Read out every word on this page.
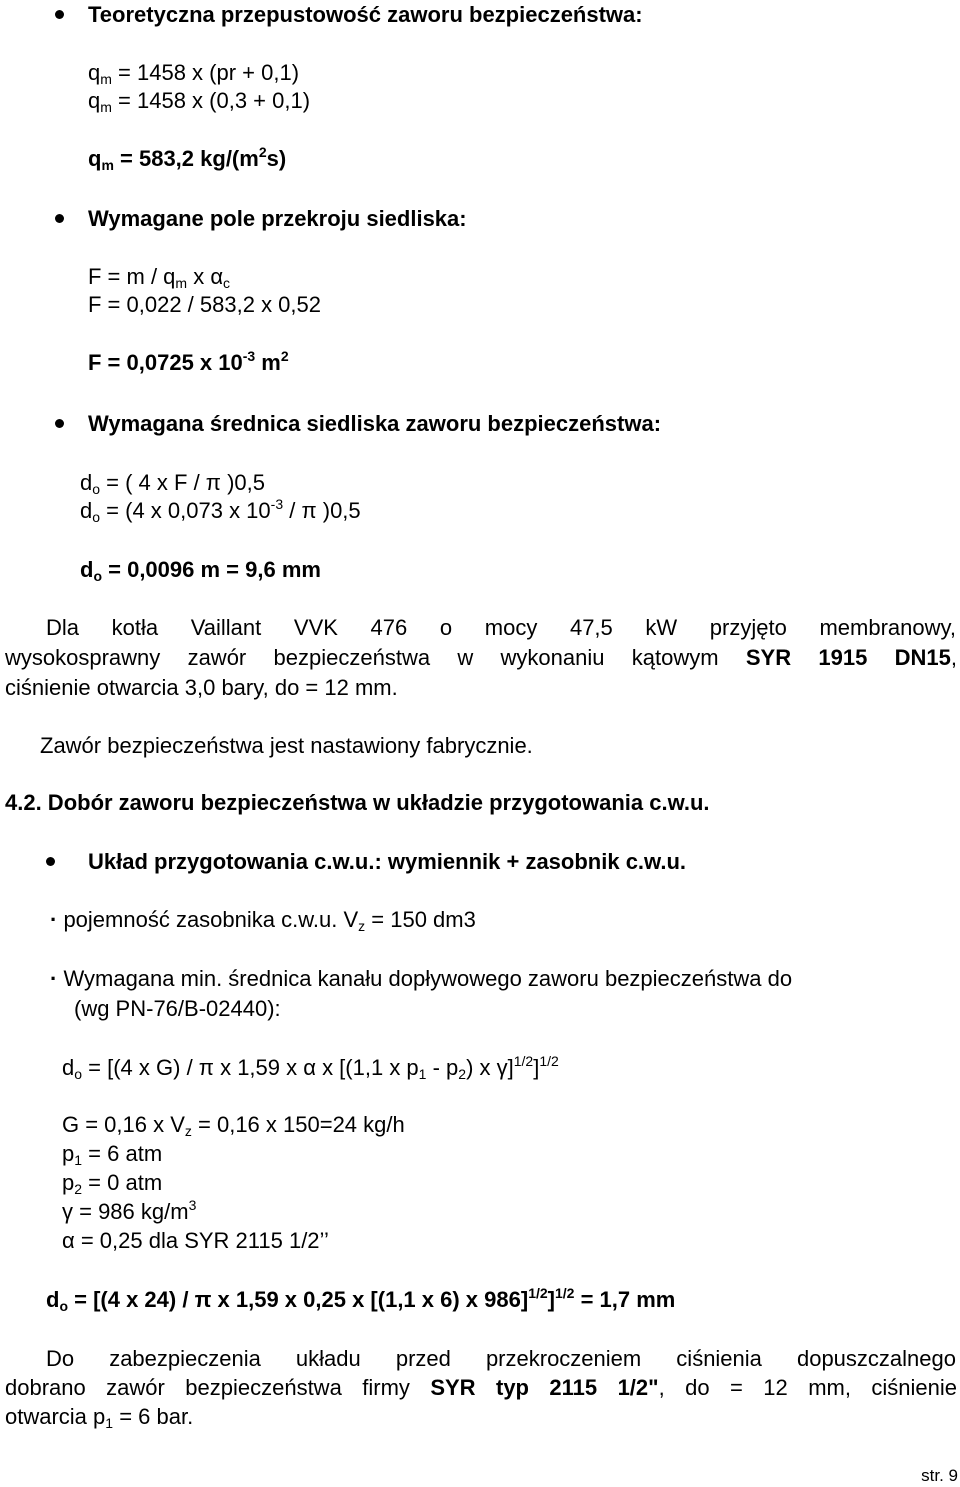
Teoretyczna przepustowość zaworu bezpieczeństwa:
$q_m = 1458$ x (pr + 0,1)
$q_m = 1458$ x (0,3 + 0,1)
$q_m = 583,2$ $kg/(m^2s)$
Wymagane pole przekroju siedliska:
$F = m / q_m$ x $\alpha_c$
F = 0,022 / 583,2 x 0,52
F = 0,0725 x $10^{-3}$ $m^2$
Wymagana średnica siedliska zaworu bezpieczeństwa:
$d_o$ = ( 4 x F / π )0,5
$d_o = (4$ x 0,073 x $10^{-3}$ / π )0,5
$d_o = 0,0096$ m = 9,6 mm
Dla kotła Vaillant VVK 476 o mocy 47,5 kW przyjęto membranowy,
wysokosprawny zawór bezpieczeństwa w wykonaniu kątowym SYR 1915 DN15,
ciśnienie otwarcia 3,0 bary, do = 12 mm.
Zawór bezpieczeństwa jest nastawiony fabrycznie.
4.2. Dobór zaworu bezpieczeństwa w układzie przygotowania c.w.u.
Układ przygotowania c.w.u.: wymiennik + zasobnik c.w.u.
· pojemność zasobnika c.w.u. $V_z = 150$ dm3
· Wymagana min. średnica kanału dopływowego zaworu bezpieczeństwa do
(wg PN-76/B-02440):
$d_o = [(4$ x G) / π x 1,59 x α x [(1,1 x $p_1 - p_2$) x γ]$^{1/2}$]$^{1/2}$
G = 0,16 x $V_z = 0,16$ x 150=24 kg/h
$p_1 = 6$ atm
$p_2 = 0$ atm
γ = 986 $kg/m^3$
α = 0,25 dla SYR 2115 1/2’’
$d_o = [(4$ x 24) / π x 1,59 x 0,25 x [(1,1 x 6) x 986]$^{1/2}$]$^{1/2}$ = 1,7 mm
Do zabezpieczenia układu przed przekroczeniem ciśnienia dopuszczalnego
dobrano zawór bezpieczeństwa firmy SYR typ 2115 1/2", do = 12 mm, ciśnienie
otwarcia $p_1 = 6$ bar.
str. 9
